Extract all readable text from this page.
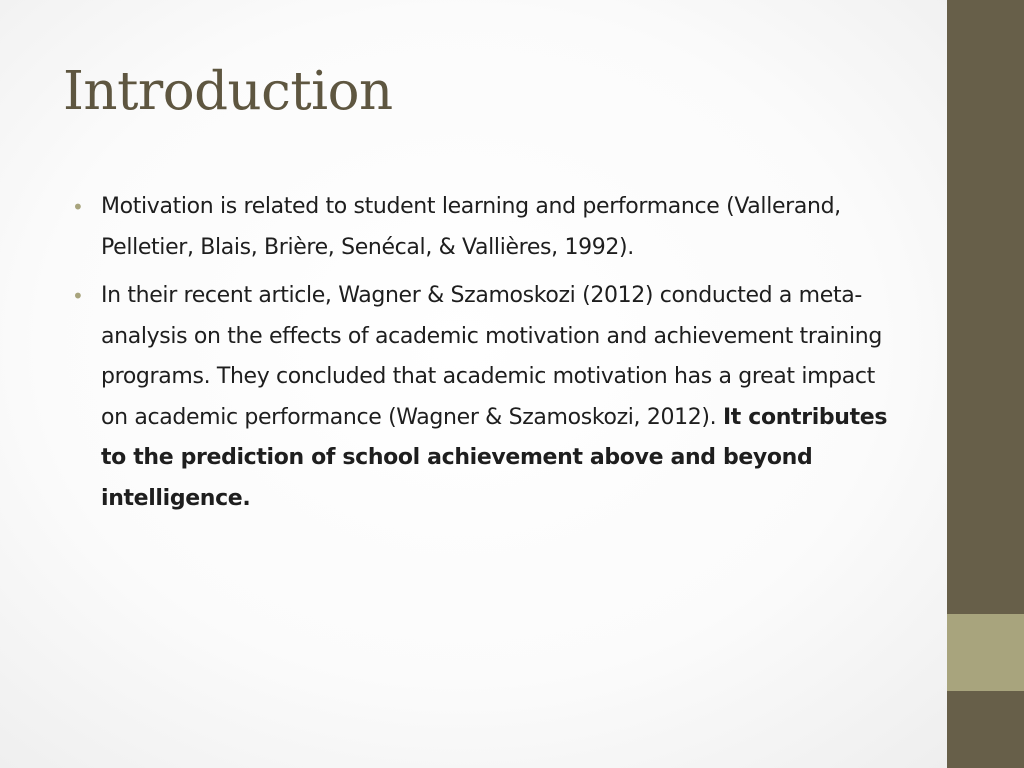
Introduction
• Motivation is related to student learning and performance (Vallerand, Pelletier, Blais, Brière, Senécal, & Vallières, 1992).
• In their recent article, Wagner & Szamoskozi (2012) conducted a meta-analysis on the effects of academic motivation and achievement training programs. They concluded that academic motivation has a great impact on academic performance (Wagner & Szamoskozi, 2012). It contributes to the prediction of school achievement above and beyond intelligence.
